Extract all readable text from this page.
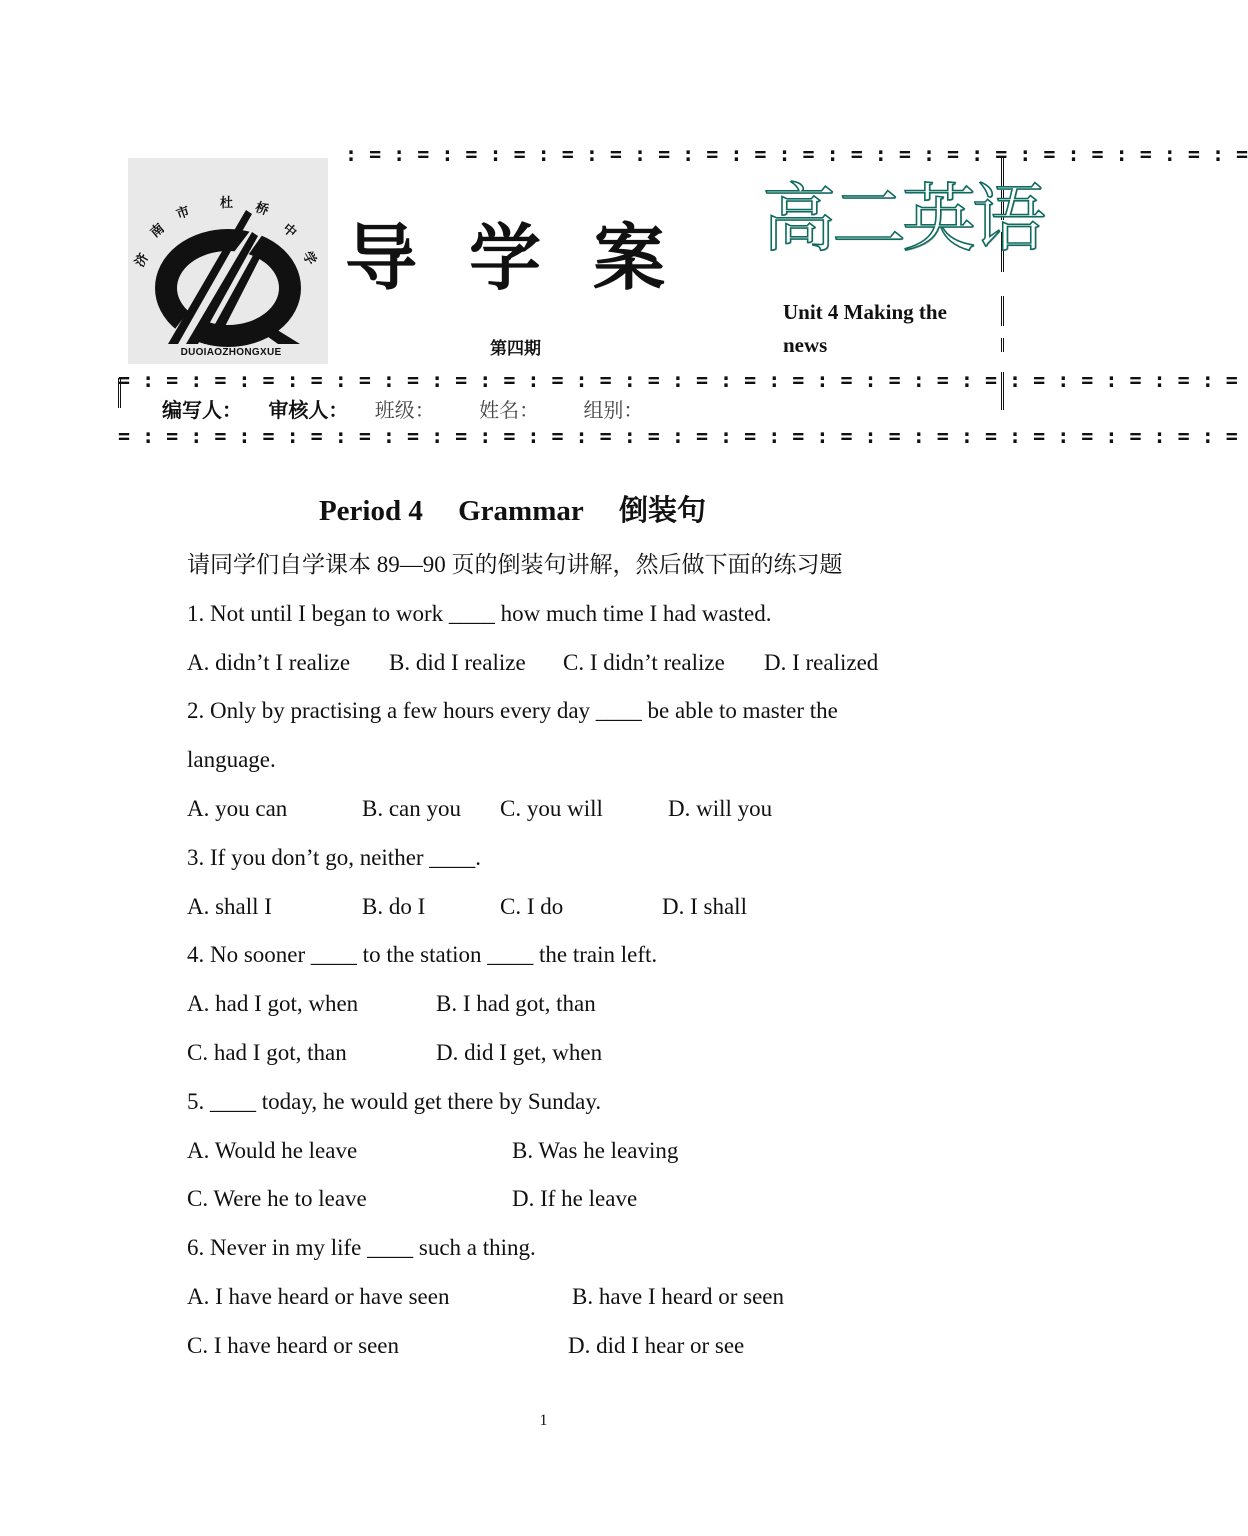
: = : = : = : = : = : = : = : = : = : = : = : = : = : = : = : = : = : = : =
= : = : = : = : = : = : = : = : = : = : = : = : = : = : = : = : = : = : = : = : = : = : = : =
= : = : = : = : = : = : = : = : = : = : = : = : = : = : = : = : = : = : = : = : = : = : = : =
济
南
市
杜 桥
中
学
DUOIAOZHONGXUE
导学案
第四期
高二英语
Unit 4 Making the news
编写人： 审核人： 班级： 姓名： 组别：
Period 4 Grammar 倒装句
请同学们自学课本 89—90 页的倒装句讲解，然后做下面的练习题
1. Not until I began to work ____ how much time I had wasted.
A. didn’t I realize B. did I realize C. I didn’t realize D. I realized
2. Only by practising a few hours every day ____ be able to master the
language.
A. you can	B. can you C. you will	D. will you
3. If you don’t go, neither ____.
A. shall I	B. do I	C. I do	D. I shall
4. No sooner ____ to the station ____ the train left.
A. had I got, when	B. I had got, than
C. had I got, than	D. did I get, when
5. ____ today, he would get there by Sunday.
A. Would he leave	B. Was he leaving
C. Were he to leave	D. If he leave
6. Never in my life ____ such a thing.
A. I have heard or have seen	B. have I heard or seen
C. I have heard or seen	D. did I hear or see
1
